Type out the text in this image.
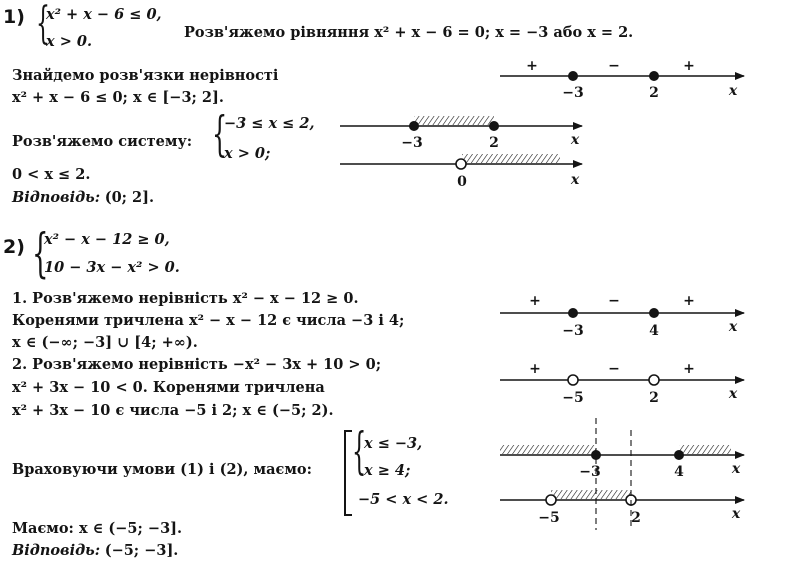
1) {
x² + x − 6 ≤ 0,
x > 0.
Розв'яжемо рівняння x² + x − 6 = 0; x = −3 або x = 2.
Знайдемо розв'язки нерівності
x² + x − 6 ≤ 0; x ∈ [−3; 2].
Розв'яжемо систему: {
−3 ≤ x ≤ 2,
x > 0;
0 < x ≤ 2.
Відповідь: (0; 2].
2) {
x² − x − 12 ≥ 0,
10 − 3x − x² > 0.
1. Розв'яжемо нерівність x² − x − 12 ≥ 0.
Коренями тричлена x² − x − 12 є числа −3 і 4;
x ∈ (−∞; −3] ∪ [4; +∞).
2. Розв'яжемо нерівність −x² − 3x + 10 > 0;
x² + 3x − 10 < 0. Коренями тричлена
x² + 3x − 10 є числа −5 і 2; x ∈ (−5; 2).
Враховуючи умови (1) і (2), маємо: {
x ≤ −3,
x ≥ 4;
−5 < x < 2.
Маємо: x ∈ (−5; −3].
Відповідь: (−5; −3].
+	−	+
−3	2	x
−3	2	x
0	x
+	−	+
−3	4	x
+	−	+
−5	2	x
−3	4	x
−5	2	x
